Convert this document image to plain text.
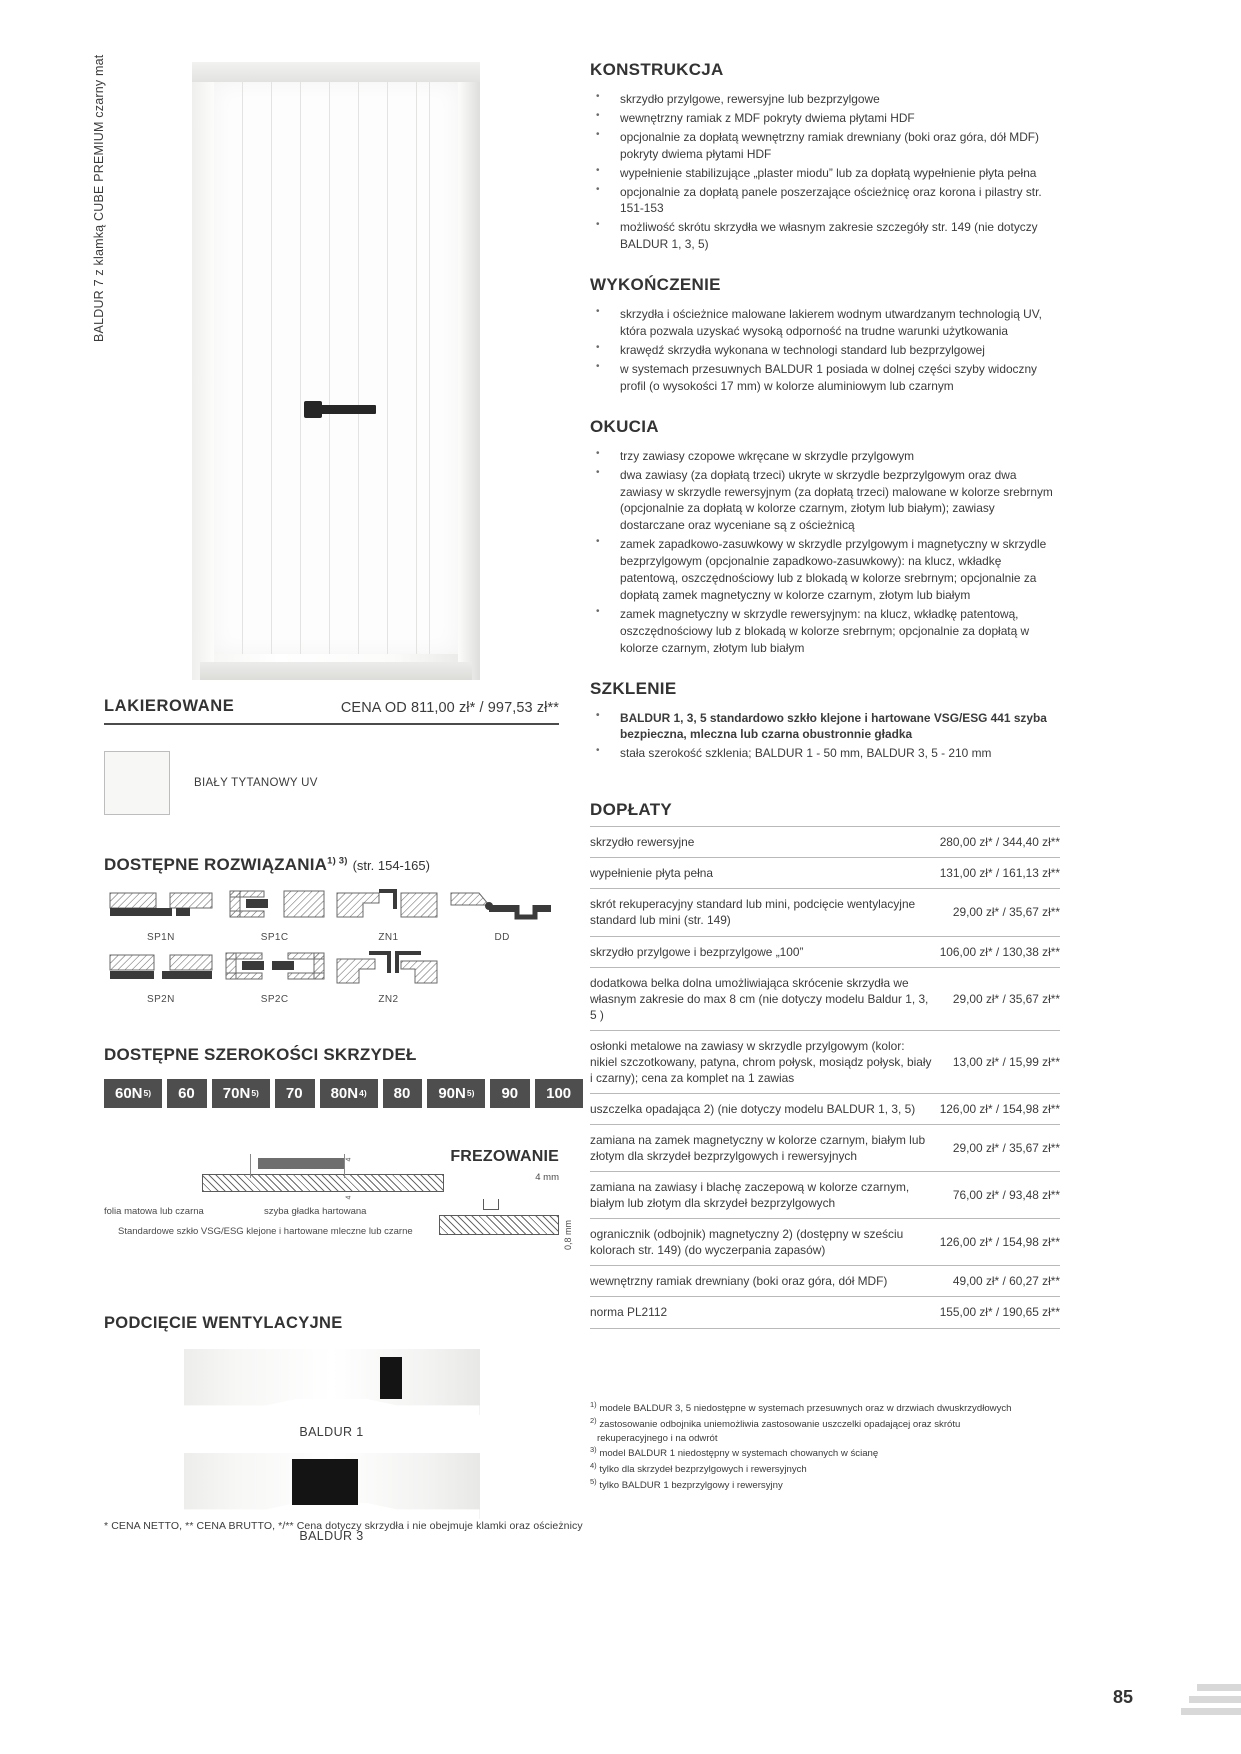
BALDUR 7 z klamką CUBE PREMIUM czarny mat
LAKIEROWANE	CENA OD 811,00 zł* / 997,53 zł**
BIAŁY TYTANOWY UV
DOSTĘPNE $ROZWIĄZANIA^{1) 3)}$ (str. 154-165)
SP1N	SP1C	ZN1	DD
SP2N	SP2C	ZN2
DOSTĘPNE SZEROKOŚCI SKRZYDEŁ
60N 5) 60 70N 5) 70 80N 4) 80 90N 5) 90 100
FREZOWANIE
4
4
folia matowa lub czarna	szyba gładka hartowana
Standardowe szkło VSG/ESG klejone i hartowane mleczne lub czarne
4 mm
0,8 mm
PODCIĘCIE WENTYLACYJNE
BALDUR 1
BALDUR 3
* CENA NETTO, ** CENA BRUTTO, */** Cena dotyczy skrzydła i nie obejmuje klamki oraz ościeżnicy
KONSTRUKCJA
• skrzydło przylgowe, rewersyjne lub bezprzylgowe
• wewnętrzny ramiak z MDF pokryty dwiema płytami HDF
• opcjonalnie za dopłatą wewnętrzny ramiak drewniany (boki oraz góra, dół MDF) pokryty dwiema płytami HDF
• wypełnienie stabilizujące „plaster miodu” lub za dopłatą wypełnienie płyta pełna
• opcjonalnie za dopłatą panele poszerzające ościeżnicę oraz korona i pilastry str. 151-153
• możliwość skrótu skrzydła we własnym zakresie szczegóły str. 149 (nie dotyczy BALDUR 1, 3, 5)
WYKOŃCZENIE
• skrzydła i ościeżnice malowane lakierem wodnym utwardzanym technologią UV, która pozwala uzyskać wysoką odporność na trudne warunki użytkowania
• krawędź skrzydła wykonana w technologi standard lub bezprzylgowej
• w systemach przesuwnych BALDUR 1 posiada w dolnej części szyby widoczny profil (o wysokości 17 mm) w kolorze aluminiowym lub czarnym
OKUCIA
• trzy zawiasy czopowe wkręcane w skrzydle przylgowym
• dwa zawiasy (za dopłatą trzeci) ukryte w skrzydle bezprzylgowym oraz dwa zawiasy w skrzydle rewersyjnym (za dopłatą trzeci) malowane w kolorze srebrnym (opcjonalnie za dopłatą w kolorze czarnym, złotym lub białym); zawiasy dostarczane oraz wyceniane są z ościeżnicą
• zamek zapadkowo-zasuwkowy w skrzydle przylgowym i magnetyczny w skrzydle bezprzylgowym (opcjonalnie zapadkowo-zasuwkowy): na klucz, wkładkę patentową, oszczędnościowy lub z blokadą w kolorze srebrnym; opcjonalnie za dopłatą zamek magnetyczny w kolorze czarnym, złotym lub białym
• zamek magnetyczny w skrzydle rewersyjnym: na klucz, wkładkę patentową, oszczędnościowy lub z blokadą w kolorze srebrnym; opcjonalnie za dopłatą w kolorze czarnym, złotym lub białym
SZKLENIE
• BALDUR 1, 3, 5 standardowo szkło klejone i hartowane VSG/ESG 441 szyba bezpieczna, mleczna lub czarna obustronnie gładka
• stała szerokość szklenia; BALDUR 1 - 50 mm, BALDUR 3, 5 - 210 mm
DOPŁATY
skrzydło rewersyjne	280,00 zł* / 344,40 zł**
wypełnienie płyta pełna	131,00 zł* / 161,13 zł**
skrót rekuperacyjny standard lub mini, podcięcie wentylacyjne standard lub mini (str. 149)	29,00 zł* / 35,67 zł**
skrzydło przylgowe i bezprzylgowe „100”	106,00 zł* / 130,38 zł**
dodatkowa belka dolna umożliwiająca skrócenie skrzydła we własnym zakresie do max 8 cm (nie dotyczy modelu Baldur 1, 3, 5 )	29,00 zł* / 35,67 zł**
osłonki metalowe na zawiasy w skrzydle przylgowym (kolor: nikiel szczotkowany, patyna, chrom połysk, mosiądz połysk, biały i czarny); cena za komplet na 1 zawias	13,00 zł* / 15,99 zł**
uszczelka opadająca 2) (nie dotyczy modelu BALDUR 1, 3, 5)	126,00 zł* / 154,98 zł**
zamiana na zamek magnetyczny w kolorze czarnym, białym lub złotym dla skrzydeł bezprzylgowych i rewersyjnych	29,00 zł* / 35,67 zł**
zamiana na zawiasy i blachę zaczepową w kolorze czarnym, białym lub złotym dla skrzydeł bezprzylgowych	76,00 zł* / 93,48 zł**
ogranicznik (odbojnik) magnetyczny 2) (dostępny w sześciu kolorach str. 149) (do wyczerpania zapasów)	126,00 zł* / 154,98 zł**
wewnętrzny ramiak drewniany (boki oraz góra, dół MDF)	49,00 zł* / 60,27 zł**
norma PL2112	155,00 zł* / 190,65 zł**
$^{1)}$ modele BALDUR 3, 5 niedostępne w systemach przesuwnych oraz w drzwiach dwuskrzydłowych
$^{2)}$ zastosowanie odbojnika uniemożliwia zastosowanie uszczelki opadającej oraz skrótu
rekuperacyjnego i na odwrót
$^{3)}$ model BALDUR 1 niedostępny w systemach chowanych w ścianę
$^{4)}$ tylko dla skrzydeł bezprzylgowych i rewersyjnych
$^{5)}$ tylko BALDUR 1 bezprzylgowy i rewersyjny
85
